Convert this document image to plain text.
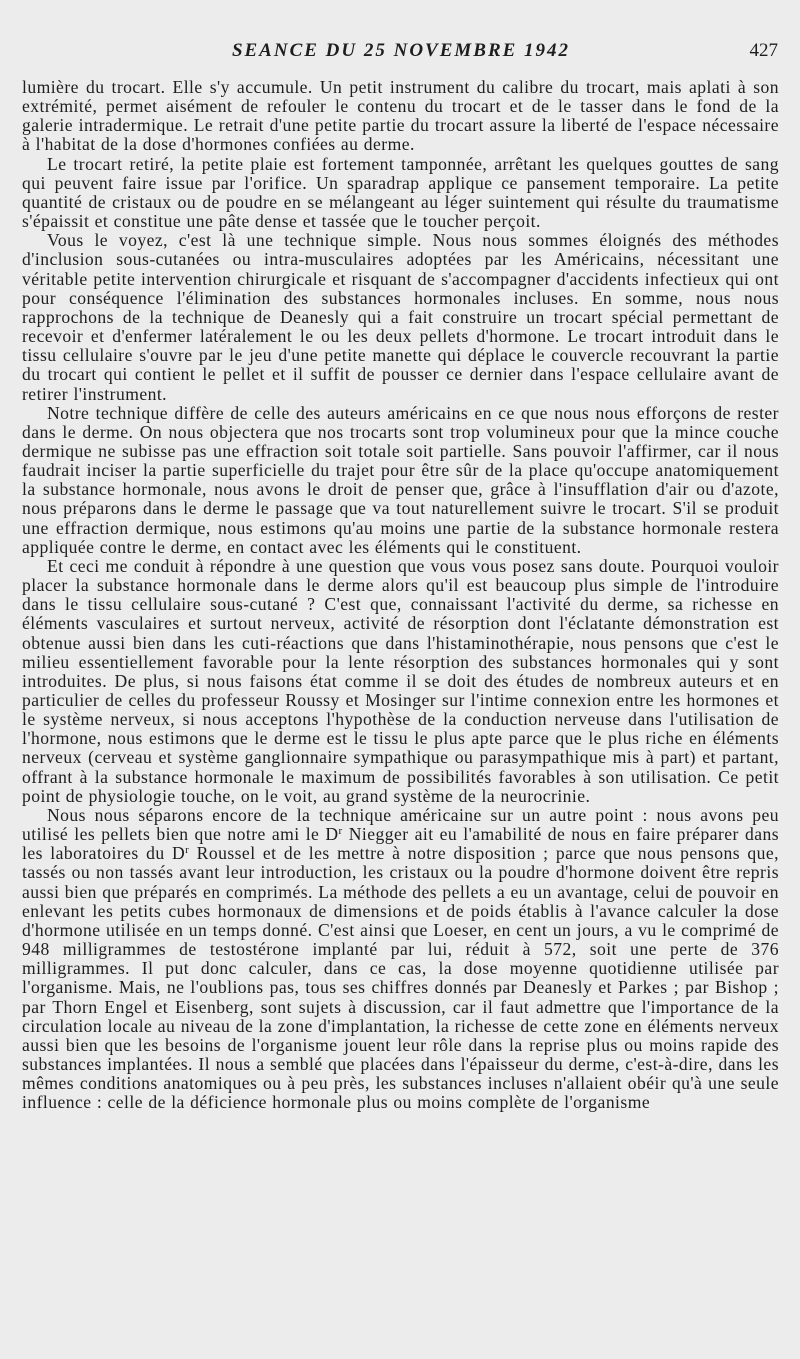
SEANCE DU 25 NOVEMBRE 1942	427

lumière du trocart. Elle s'y accumule. Un petit instrument du calibre du trocart, mais aplati à son extrémité, permet aisément de refouler le contenu du trocart et de le tasser dans le fond de la galerie intradermique. Le retrait d'une petite partie du trocart assure la liberté de l'espace nécessaire à l'habitat de la dose d'hormones confiées au derme.

Le trocart retiré, la petite plaie est fortement tamponnée, arrêtant les quelques gouttes de sang qui peuvent faire issue par l'orifice. Un sparadrap applique ce pansement temporaire. La petite quantité de cristaux ou de poudre en se mélangeant au léger suintement qui résulte du traumatisme s'épaissit et constitue une pâte dense et tassée que le toucher perçoit.

Vous le voyez, c'est là une technique simple. Nous nous sommes éloignés des méthodes d'inclusion sous-cutanées ou intra-musculaires adoptées par les Américains, nécessitant une véritable petite intervention chirurgicale et risquant de s'accompagner d'accidents infectieux qui ont pour conséquence l'élimination des substances hormonales incluses. En somme, nous nous rapprochons de la technique de Deanesly qui a fait construire un trocart spécial permettant de recevoir et d'enfermer latéralement le ou les deux pellets d'hormone. Le trocart introduit dans le tissu cellulaire s'ouvre par le jeu d'une petite manette qui déplace le couvercle recouvrant la partie du trocart qui contient le pellet et il suffit de pousser ce dernier dans l'espace cellulaire avant de retirer l'instrument.

Notre technique diffère de celle des auteurs américains en ce que nous nous efforçons de rester dans le derme. On nous objectera que nos trocarts sont trop volumineux pour que la mince couche dermique ne subisse pas une effraction soit totale soit partielle. Sans pouvoir l'affirmer, car il nous faudrait inciser la partie superficielle du trajet pour être sûr de la place qu'occupe anatomiquement la substance hormonale, nous avons le droit de penser que, grâce à l'insufflation d'air ou d'azote, nous préparons dans le derme le passage que va tout naturellement suivre le trocart. S'il se produit une effraction dermique, nous estimons qu'au moins une partie de la substance hormonale restera appliquée contre le derme, en contact avec les éléments qui le constituent.

Et ceci me conduit à répondre à une question que vous vous posez sans doute. Pourquoi vouloir placer la substance hormonale dans le derme alors qu'il est beaucoup plus simple de l'introduire dans le tissu cellulaire sous-cutané ? C'est que, connaissant l'activité du derme, sa richesse en éléments vasculaires et surtout nerveux, activité de résorption dont l'éclatante démonstration est obtenue aussi bien dans les cuti-réactions que dans l'histaminothérapie, nous pensons que c'est le milieu essentiellement favorable pour la lente résorption des substances hormonales qui y sont introduites. De plus, si nous faisons état comme il se doit des études de nombreux auteurs et en particulier de celles du professeur Roussy et Mosinger sur l'intime connexion entre les hormones et le système nerveux, si nous acceptons l'hypothèse de la conduction nerveuse dans l'utilisation de l'hormone, nous estimons que le derme est le tissu le plus apte parce que le plus riche en éléments nerveux (cerveau et système ganglionnaire sympathique ou parasympathique mis à part) et partant, offrant à la substance hormonale le maximum de possibilités favorables à son utilisation. Ce petit point de physiologie touche, on le voit, au grand système de la neurocrinie.

Nous nous séparons encore de la technique américaine sur un autre point : nous avons peu utilisé les pellets bien que notre ami le $D^r$ Niegger ait eu l'amabilité de nous en faire préparer dans les laboratoires du $D^r$ Roussel et de les mettre à notre disposition ; parce que nous pensons que, tassés ou non tassés avant leur introduction, les cristaux ou la poudre d'hormone doivent être repris aussi bien que préparés en comprimés. La méthode des pellets a eu un avantage, celui de pouvoir en enlevant les petits cubes hormonaux de dimensions et de poids établis à l'avance calculer la dose d'hormone utilisée en un temps donné. C'est ainsi que Loeser, en cent un jours, a vu le comprimé de 948 milligrammes de testostérone implanté par lui, réduit à 572, soit une perte de 376 milligrammes. Il put donc calculer, dans ce cas, la dose moyenne quotidienne utilisée par l'organisme. Mais, ne l'oublions pas, tous ses chiffres donnés par Deanesly et Parkes ; par Bishop ; par Thorn Engel et Eisenberg, sont sujets à discussion, car il faut admettre que l'importance de la circulation locale au niveau de la zone d'implantation, la richesse de cette zone en éléments nerveux aussi bien que les besoins de l'organisme jouent leur rôle dans la reprise plus ou moins rapide des substances implantées. Il nous a semblé que placées dans l'épaisseur du derme, c'est-à-dire, dans les mêmes conditions anatomiques ou à peu près, les substances incluses n'allaient obéir qu'à une seule influence : celle de la déficience hormonale plus ou moins complète de l'organisme
